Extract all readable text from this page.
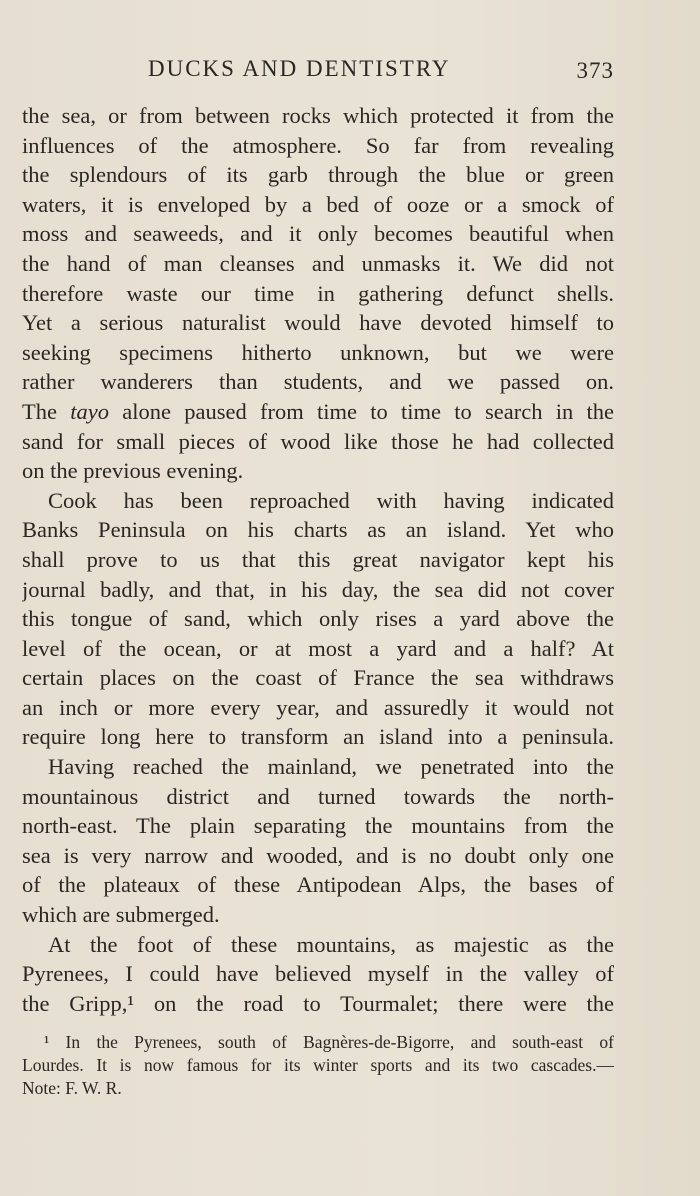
DUCKS AND DENTISTRY	373
the sea, or from between rocks which protected it from the
influences of the atmosphere. So far from revealing
the splendours of its garb through the blue or green
waters, it is enveloped by a bed of ooze or a smock of
moss and seaweeds, and it only becomes beautiful when
the hand of man cleanses and unmasks it. We did not
therefore waste our time in gathering defunct shells.
Yet a serious naturalist would have devoted himself to
seeking specimens hitherto unknown, but we were
rather wanderers than students, and we passed on.
The tayo alone paused from time to time to search in the
sand for small pieces of wood like those he had collected
on the previous evening.
Cook has been reproached with having indicated
Banks Peninsula on his charts as an island. Yet who
shall prove to us that this great navigator kept his
journal badly, and that, in his day, the sea did not cover
this tongue of sand, which only rises a yard above the
level of the ocean, or at most a yard and a half? At
certain places on the coast of France the sea withdraws
an inch or more every year, and assuredly it would not
require long here to transform an island into a peninsula.
Having reached the mainland, we penetrated into the
mountainous district and turned towards the north-
north-east. The plain separating the mountains from the
sea is very narrow and wooded, and is no doubt only one
of the plateaux of these Antipodean Alps, the bases of
which are submerged.
At the foot of these mountains, as majestic as the
Pyrenees, I could have believed myself in the valley of
the Gripp,¹ on the road to Tourmalet; there were the
¹ In the Pyrenees, south of Bagnères-de-Bigorre, and south-east of
Lourdes. It is now famous for its winter sports and its two cascades.—
Note: F. W. R.
